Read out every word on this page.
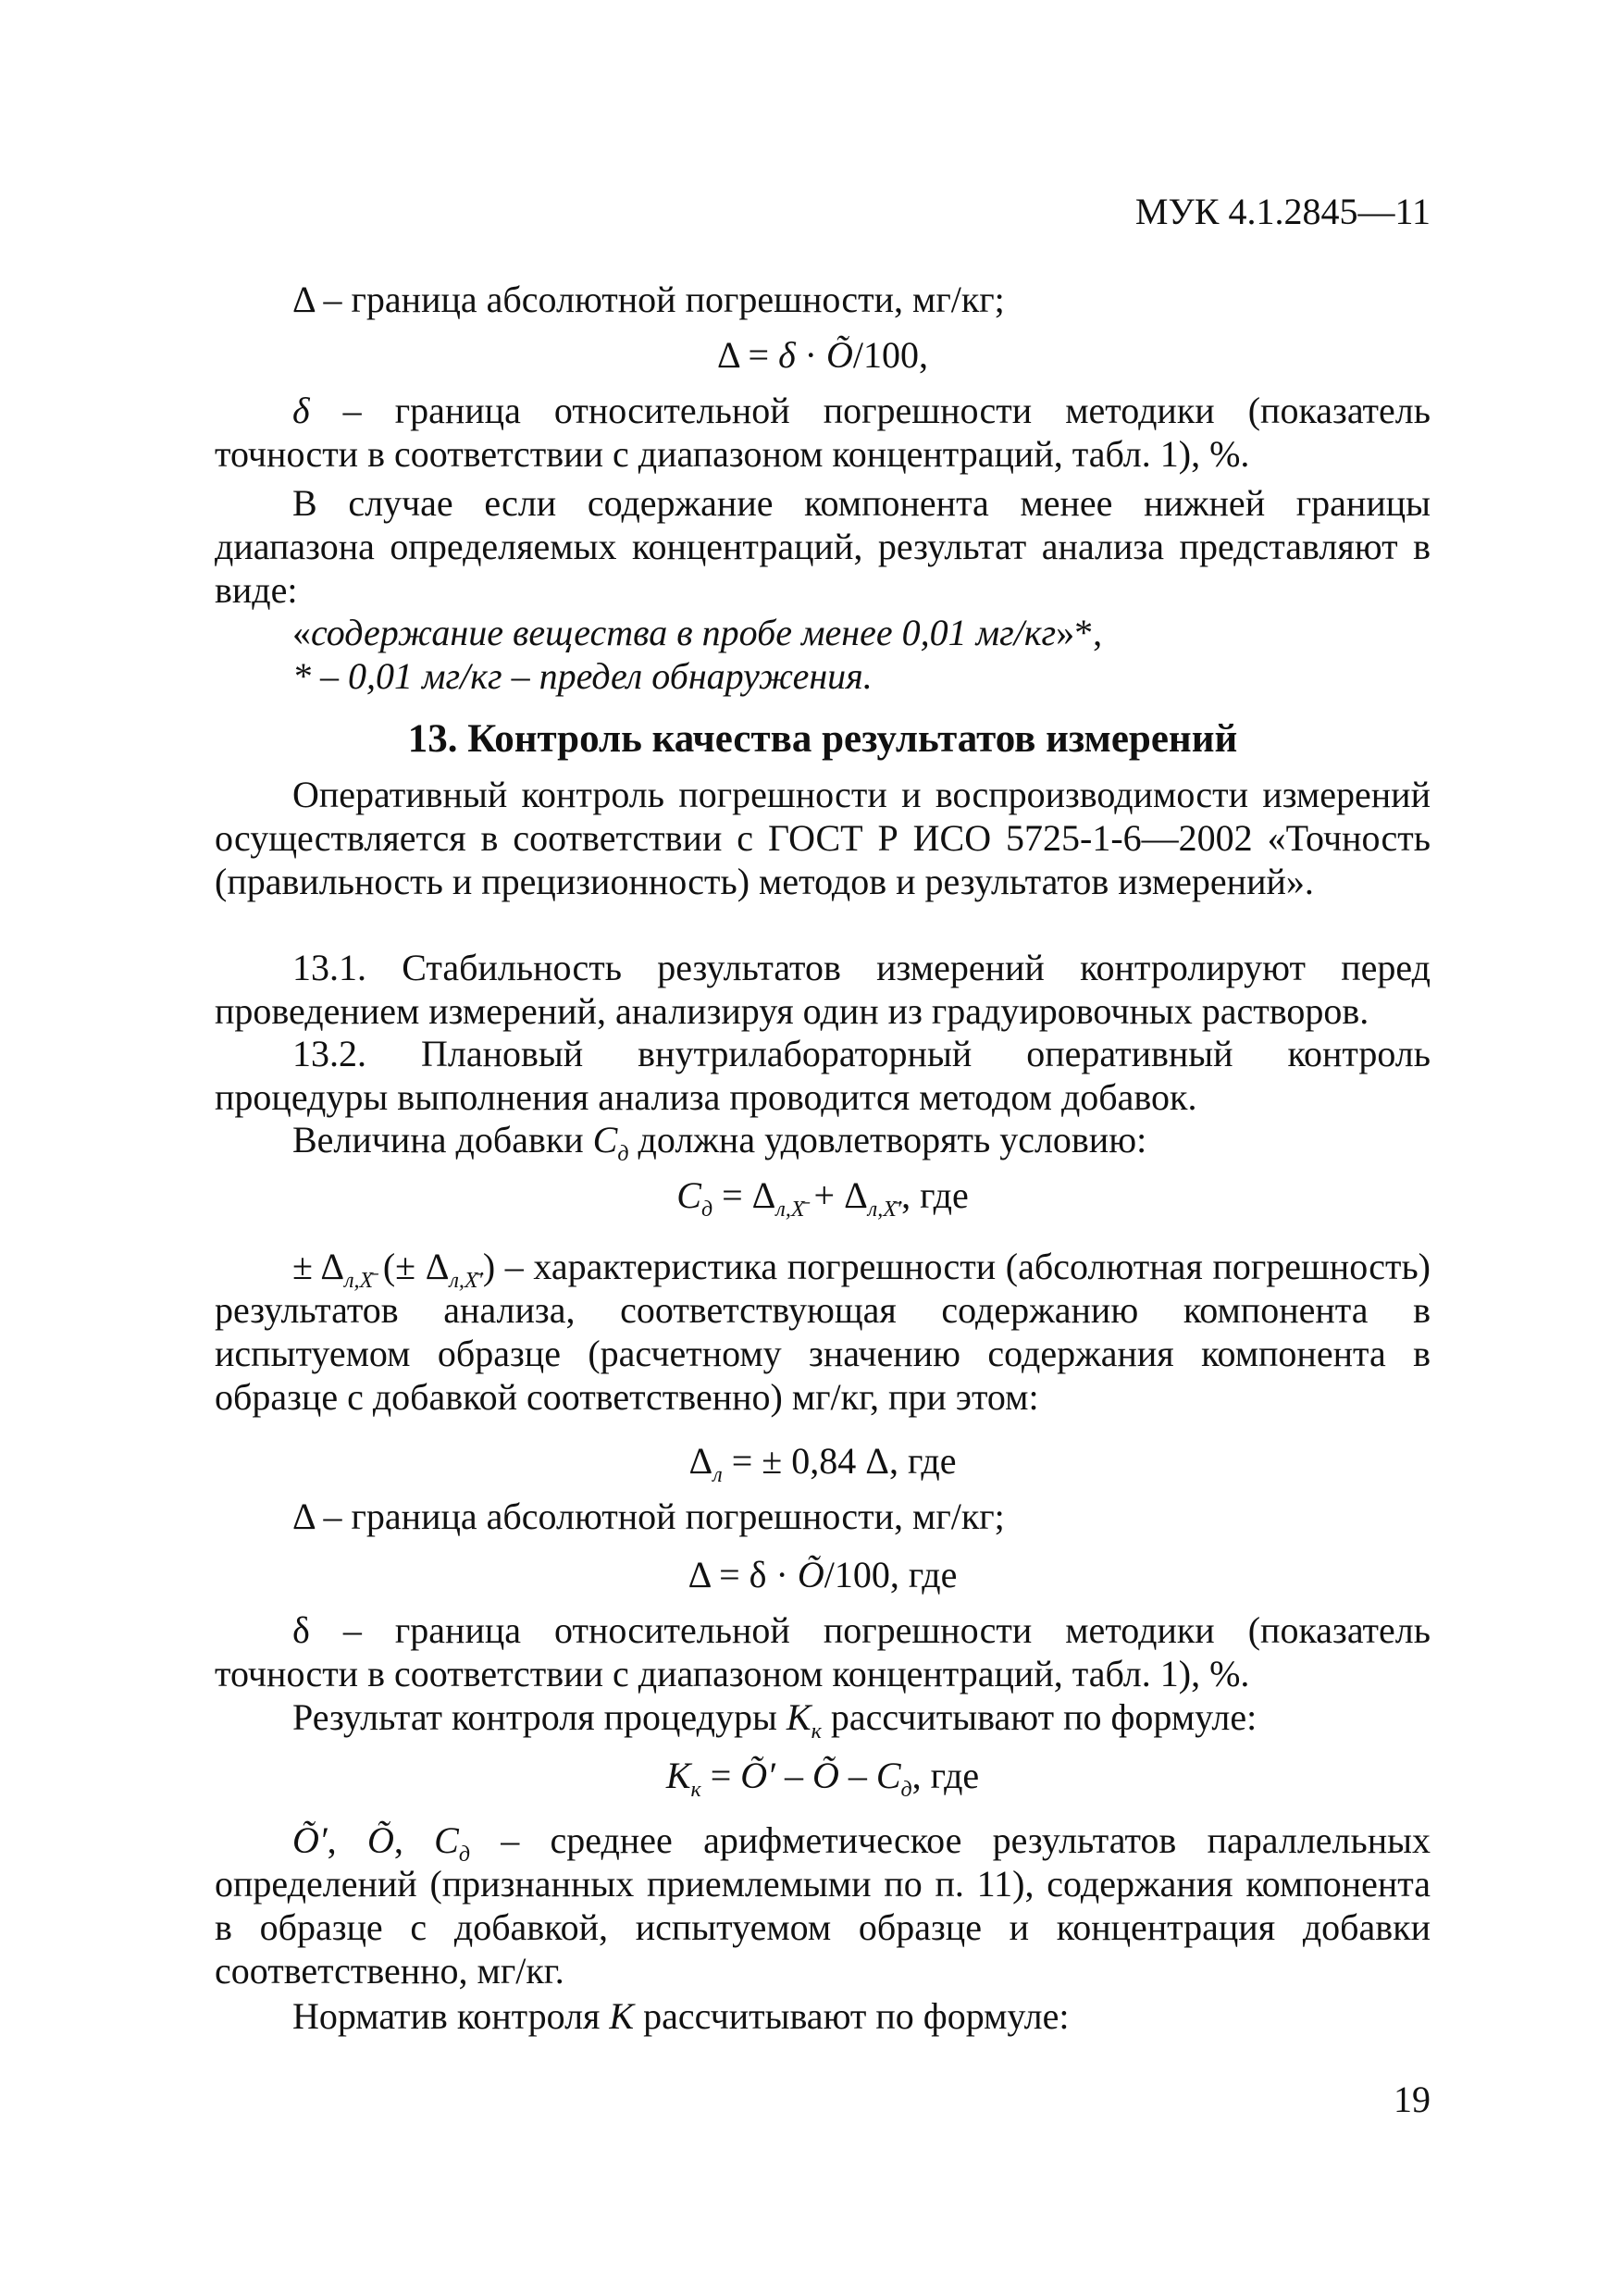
МУК 4.1.2845—11
Δ – граница абсолютной погрешности, мг/кг;
Δ = δ · Õ/100,
δ – граница относительной погрешности методики (показатель точности в соответствии с диапазоном концентраций, табл. 1), %.
В случае если содержание компонента менее нижней границы диапазона определяемых концентраций, результат анализа представляют в виде:
«содержание вещества в пробе менее 0,01 мг/кг»*,
* – 0,01 мг/кг – предел обнаружения.
13. Контроль качества результатов измерений
Оперативный контроль погрешности и воспроизводимости измерений осуществляется в соответствии с ГОСТ Р ИСО 5725-1-6—2002 «Точность (правильность и прецизионность) методов и результатов измерений».
13.1. Стабильность результатов измерений контролируют перед проведением измерений, анализируя один из градуировочных растворов.
13.2. Плановый внутрилабораторный оперативный контроль процедуры выполнения анализа проводится методом добавок.
Величина добавки $C_д$ должна удовлетворять условию:
$C_д = \Delta_{л,Х̄} + \Delta_{л,Х̄'}$, где
± $\Delta_{л,Х̄}$ (± $\Delta_{л,Х̄'}$) – характеристика погрешности (абсолютная погрешность) результатов анализа, соответствующая содержанию компонента в испытуемом образце (расчетному значению содержания компонента в образце с добавкой соответственно) мг/кг, при этом:
$\Delta_л$ = ± 0,84 Δ, где
Δ – граница абсолютной погрешности, мг/кг;
Δ = δ · Õ/100, где
δ – граница относительной погрешности методики (показатель точности в соответствии с диапазоном концентраций, табл. 1), %.
Результат контроля процедуры $K_к$ рассчитывают по формуле:
$K_к$ = Õ′ – Õ – $C_д$, где
Õ′, Õ, $C_д$ – среднее арифметическое результатов параллельных определений (признанных приемлемыми по п. 11), содержания компонента в образце с добавкой, испытуемом образце и концентрация добавки соответственно, мг/кг.
Норматив контроля K рассчитывают по формуле:
19
